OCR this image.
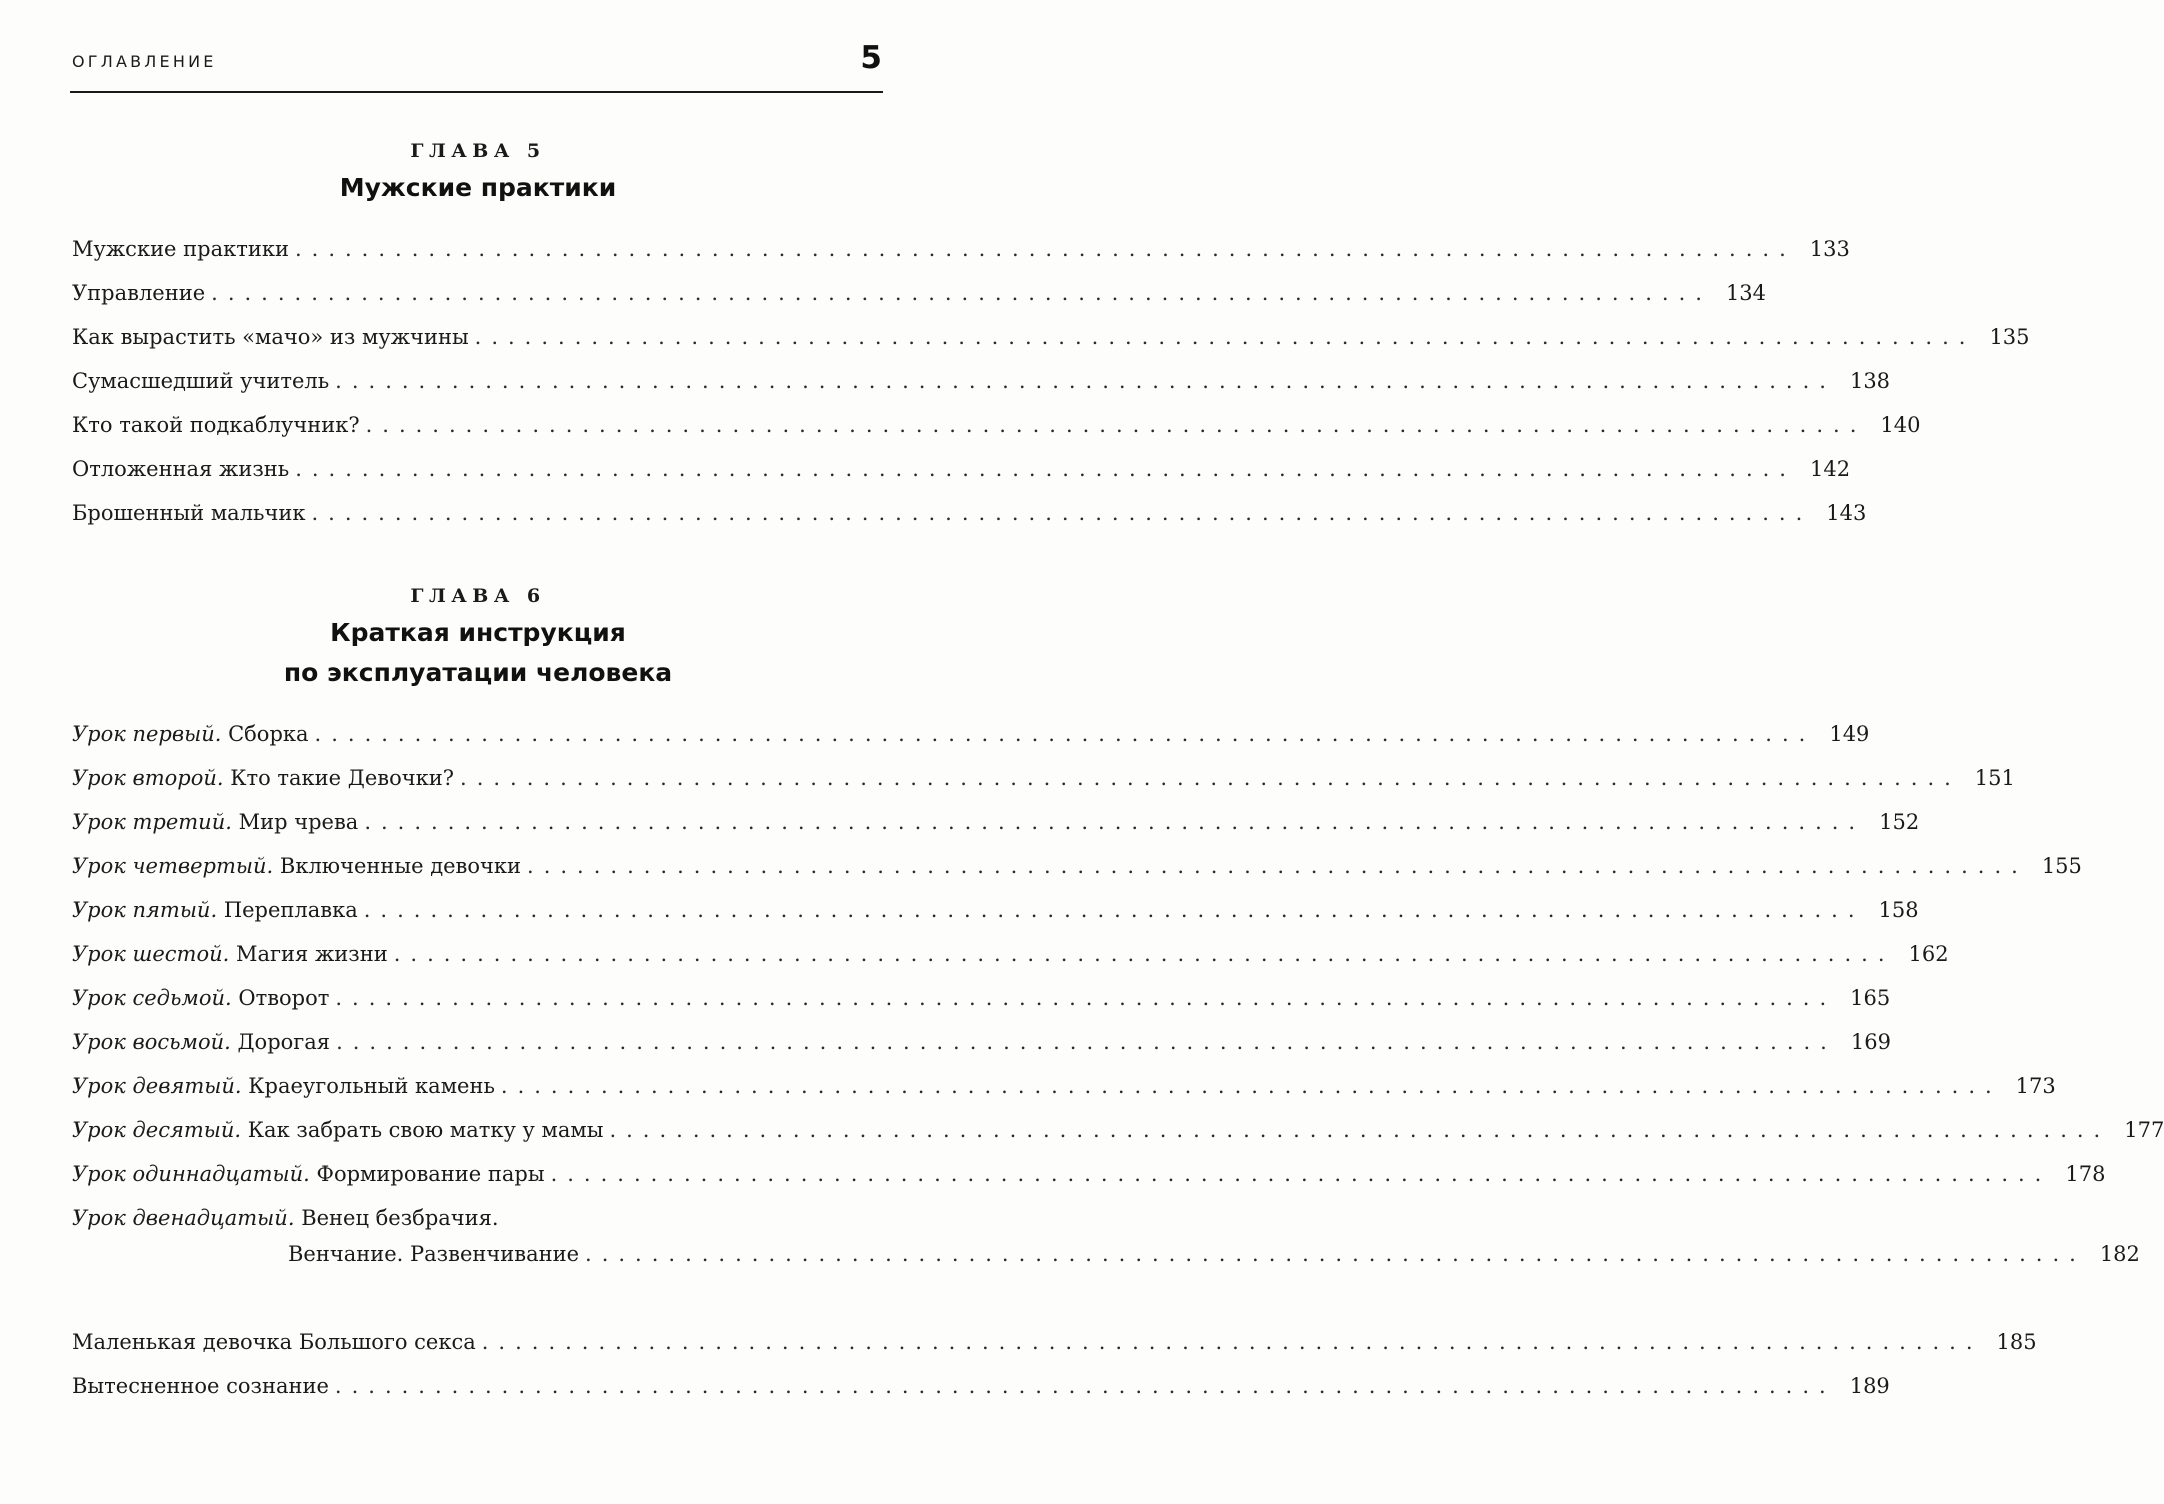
ОГЛАВЛЕНИЕ	5
ГЛАВА 5
Мужские практики
Мужские практики .......................................................................................... 133
Управление .......................................................................................... 134
Как вырастить «мачо» из мужчины .......................................................................................... 135
Сумасшедший учитель .......................................................................................... 138
Кто такой подкаблучник? .......................................................................................... 140
Отложенная жизнь .......................................................................................... 142
Брошенный мальчик .......................................................................................... 143
ГЛАВА 6
Краткая инструкция
по эксплуатации человека
Урок первый. Сборка .......................................................................................... 149
Урок второй. Кто такие Девочки? .......................................................................................... 151
Урок третий. Мир чрева .......................................................................................... 152
Урок четвертый. Включенные девочки .......................................................................................... 155
Урок пятый. Переплавка .......................................................................................... 158
Урок шестой. Магия жизни .......................................................................................... 162
Урок седьмой. Отворот .......................................................................................... 165
Урок восьмой. Дорогая .......................................................................................... 169
Урок девятый. Краеугольный камень .......................................................................................... 173
Урок десятый. Как забрать свою матку у мамы .......................................................................................... 177
Урок одиннадцатый. Формирование пары .......................................................................................... 178
Урок двенадцатый. Венец безбрачия.
Венчание. Развенчивание .......................................................................................... 182
Маленькая девочка Большого секса .......................................................................................... 185
Вытесненное сознание .......................................................................................... 189
